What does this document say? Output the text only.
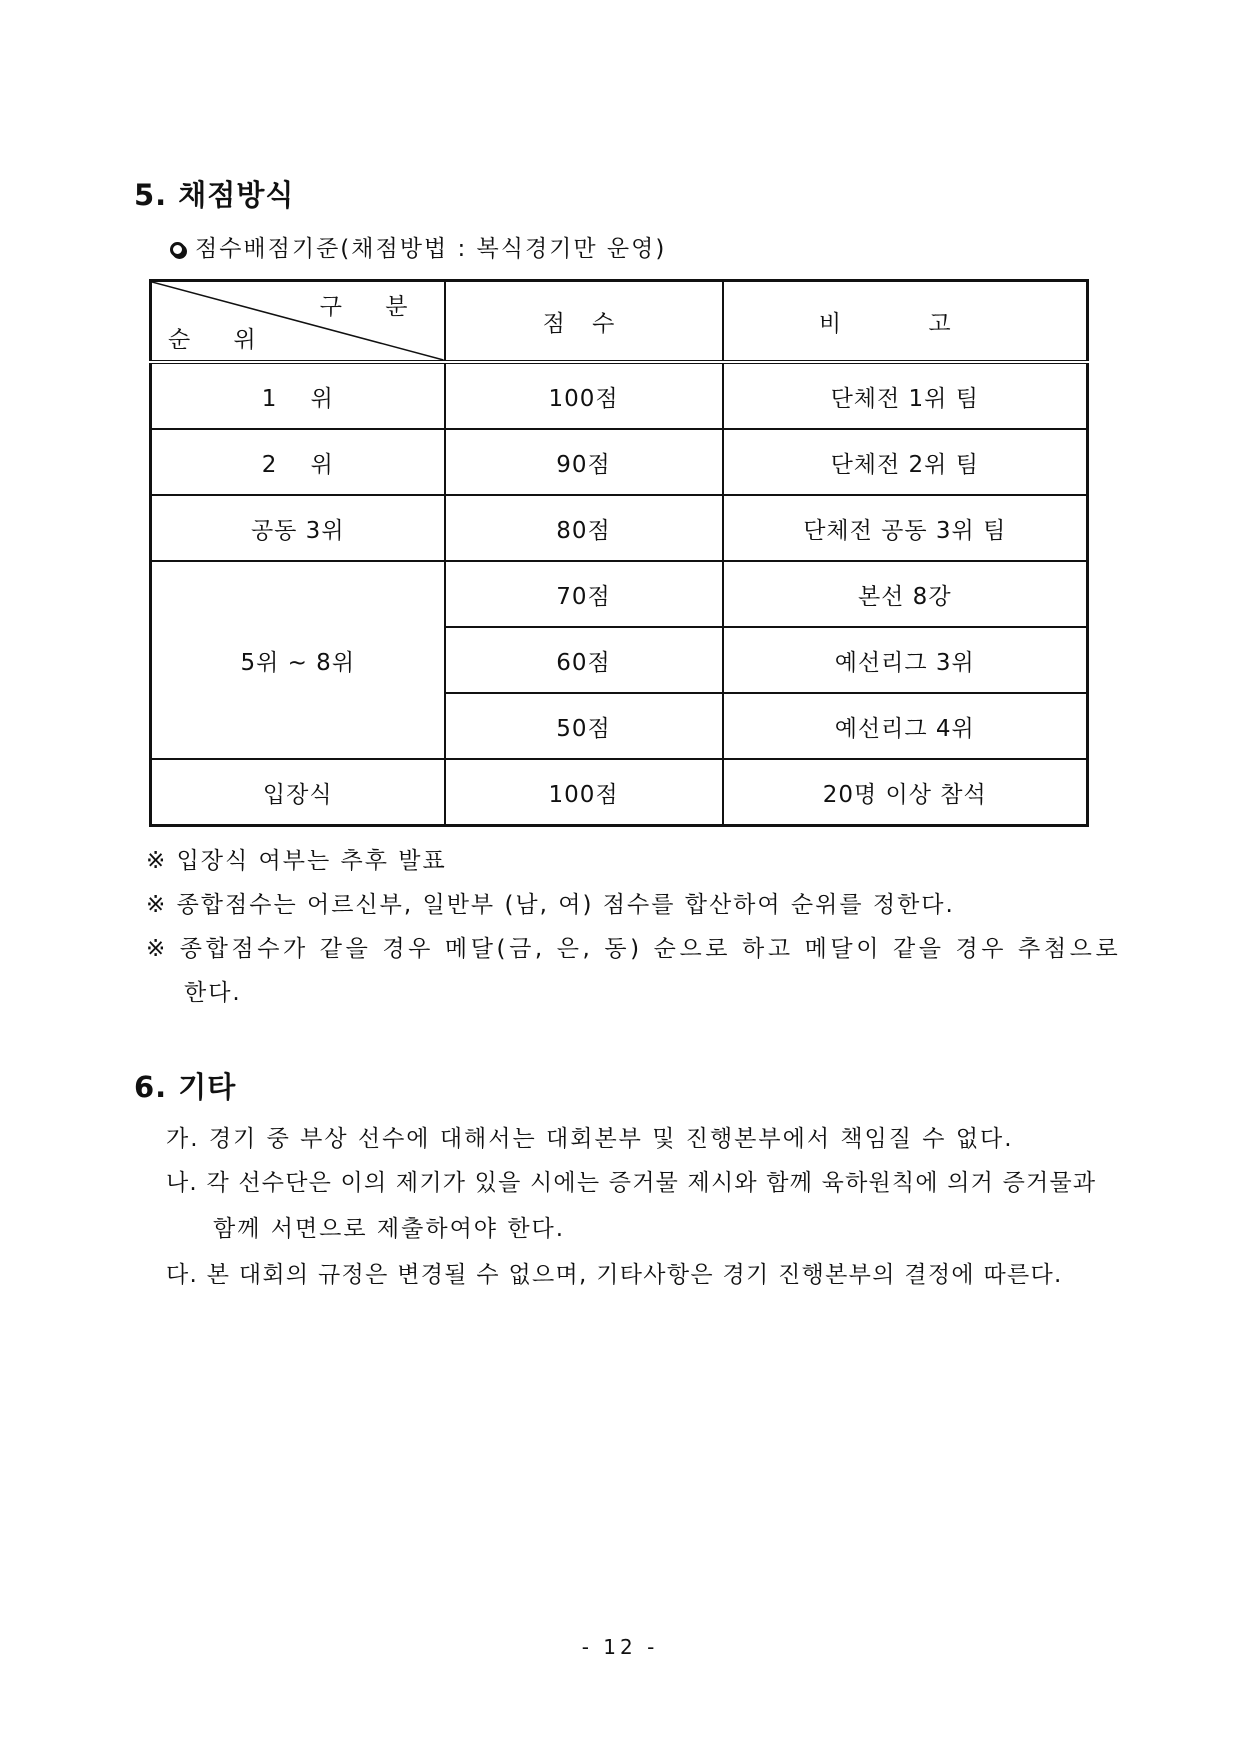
5. 채점방식
점수배점기준(채점방법 : 복식경기만 운영)
구 분
순 위	점 수	비 고
1    위	100점	단체전 1위 팀
2    위	90점	단체전 2위 팀
공동 3위	80점	단체전 공동 3위 팀
5위 ~ 8위	70점	본선 8강
	60점	예선리그 3위
	50점	예선리그 4위
입장식	100점	20명 이상 참석
※ 입장식 여부는 추후 발표
※ 종합점수는 어르신부, 일반부 (남, 여) 점수를 합산하여 순위를 정한다.
※ 종합점수가 같을 경우 메달(금, 은, 동) 순으로 하고 메달이 같을 경우 추첨으로
한다.
6. 기타
가. 경기 중 부상 선수에 대해서는 대회본부 및 진행본부에서 책임질 수 없다.
나. 각 선수단은 이의 제기가 있을 시에는 증거물 제시와 함께 육하원칙에 의거 증거물과
함께 서면으로 제출하여야 한다.
다. 본 대회의 규정은 변경될 수 없으며, 기타사항은 경기 진행본부의 결정에 따른다.
- 12 -
